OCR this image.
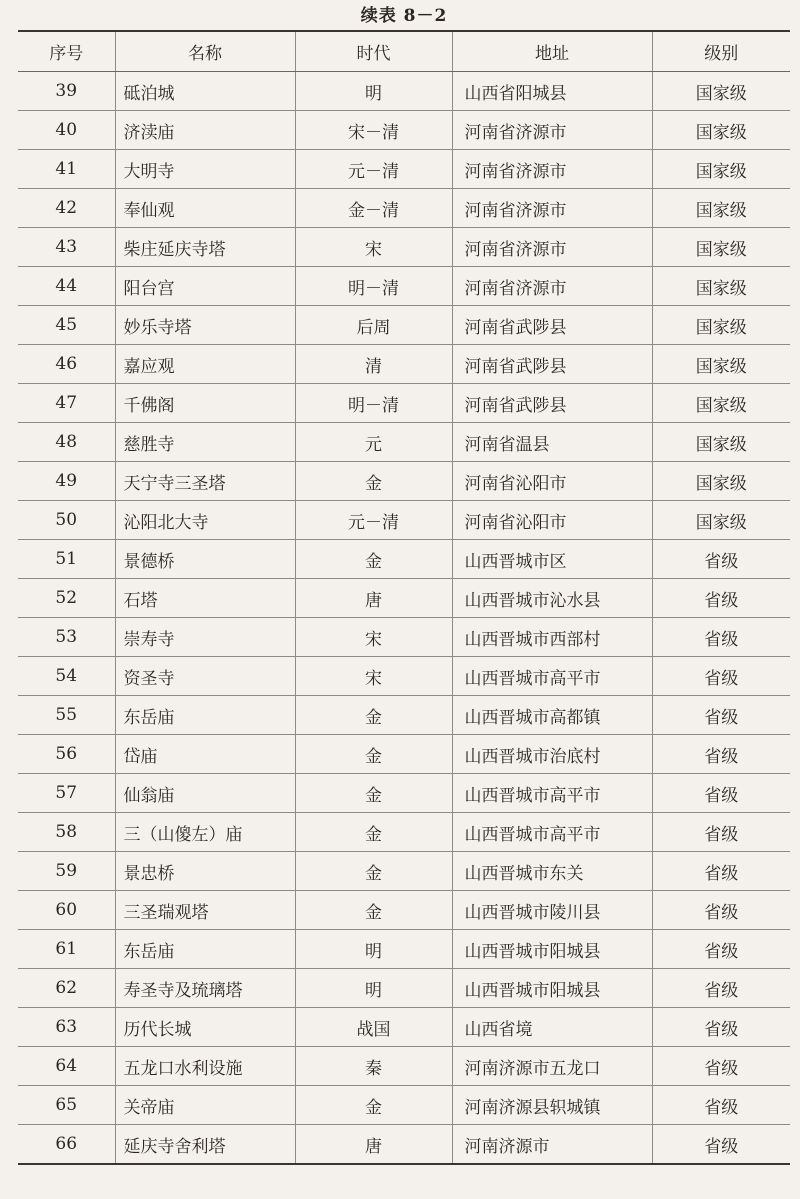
续表 8－2
序号	名称	时代	地址	级别
39	砥泊城	明	山西省阳城县	国家级
40	济渎庙	宋－清	河南省济源市	国家级
41	大明寺	元－清	河南省济源市	国家级
42	奉仙观	金－清	河南省济源市	国家级
43	柴庄延庆寺塔	宋	河南省济源市	国家级
44	阳台宫	明－清	河南省济源市	国家级
45	妙乐寺塔	后周	河南省武陟县	国家级
46	嘉应观	清	河南省武陟县	国家级
47	千佛阁	明－清	河南省武陟县	国家级
48	慈胜寺	元	河南省温县	国家级
49	天宁寺三圣塔	金	河南省沁阳市	国家级
50	沁阳北大寺	元－清	河南省沁阳市	国家级
51	景德桥	金	山西晋城市区	省级
52	石塔	唐	山西晋城市沁水县	省级
53	崇寿寺	宋	山西晋城市西部村	省级
54	资圣寺	宋	山西晋城市高平市	省级
55	东岳庙	金	山西晋城市高都镇	省级
56	岱庙	金	山西晋城市治底村	省级
57	仙翁庙	金	山西晋城市高平市	省级
58	三（山傻左）庙	金	山西晋城市高平市	省级
59	景忠桥	金	山西晋城市东关	省级
60	三圣瑞观塔	金	山西晋城市陵川县	省级
61	东岳庙	明	山西晋城市阳城县	省级
62	寿圣寺及琉璃塔	明	山西晋城市阳城县	省级
63	历代长城	战国	山西省境	省级
64	五龙口水利设施	秦	河南济源市五龙口	省级
65	关帝庙	金	河南济源县轵城镇	省级
66	延庆寺舍利塔	唐	河南济源市	省级
